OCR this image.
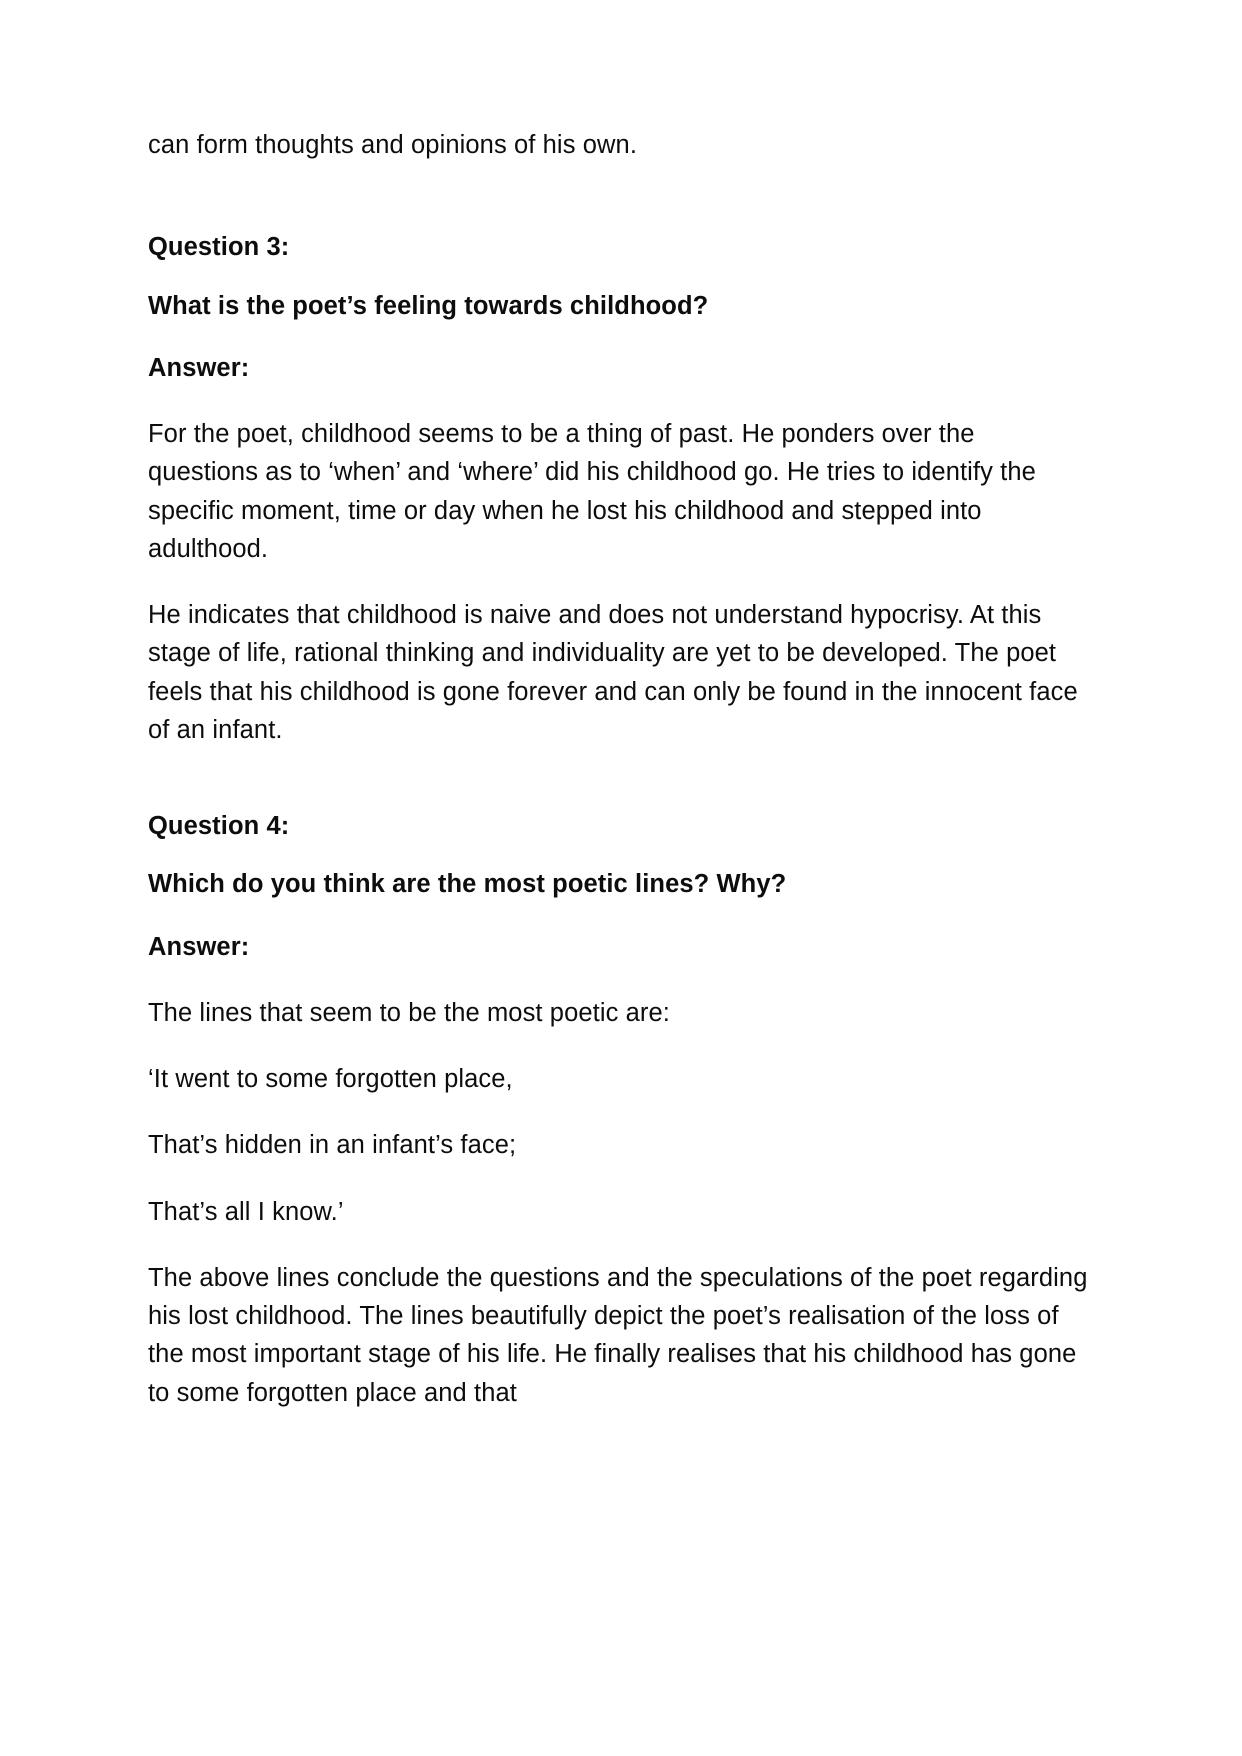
can form thoughts and opinions of his own.

Question 3:

What is the poet’s feeling towards childhood?

Answer:

For the poet, childhood seems to be a thing of past. He ponders over the questions as to ‘when’ and ‘where’ did his childhood go. He tries to identify the specific moment, time or day when he lost his childhood and stepped into adulthood.

He indicates that childhood is naive and does not understand hypocrisy. At this stage of life, rational thinking and individuality are yet to be developed. The poet feels that his childhood is gone forever and can only be found in the innocent face of an infant.

Question 4:

Which do you think are the most poetic lines? Why?

Answer:

The lines that seem to be the most poetic are:

‘It went to some forgotten place,

That’s hidden in an infant’s face;

That’s all I know.’

The above lines conclude the questions and the speculations of the poet regarding his lost childhood. The lines beautifully depict the poet’s realisation of the loss of the most important stage of his life. He finally realises that his childhood has gone to some forgotten place and that
